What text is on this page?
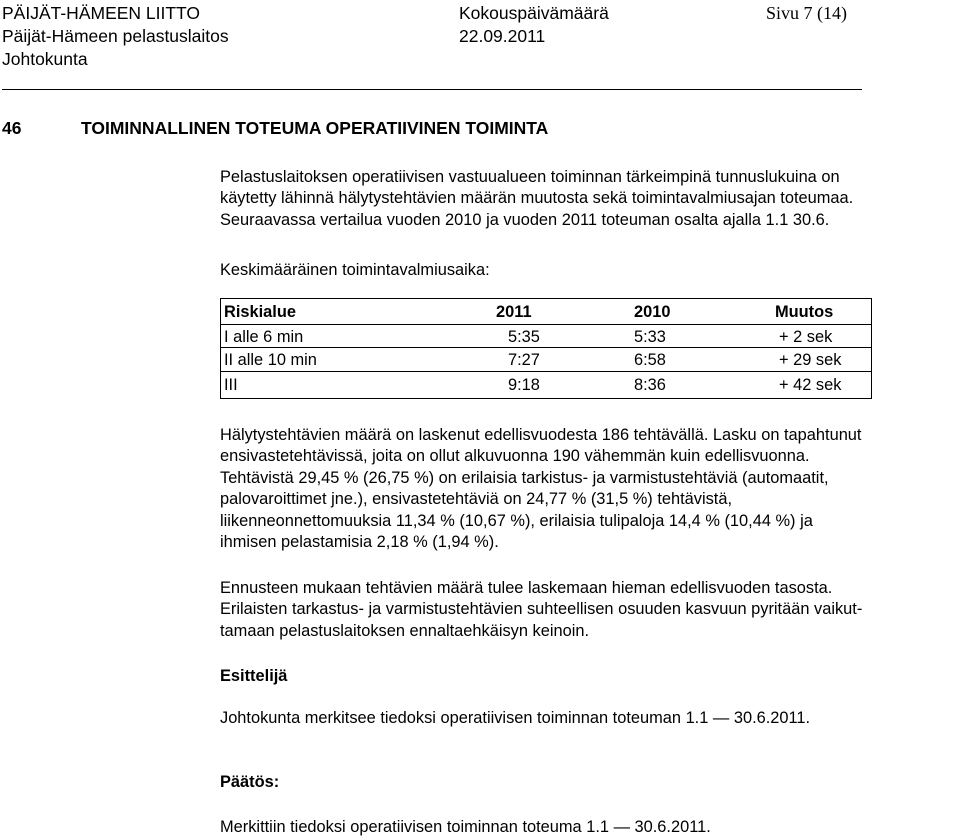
PÄIJÄT-HÄMEEN LIITTO
Päijät-Hämeen pelastuslaitos
Johtokunta
Kokouspäivämäärä
22.09.2011
Sivu 7 (14)
46	TOIMINNALLINEN TOTEUMA OPERATIIVINEN TOIMINTA
Pelastuslaitoksen operatiivisen vastuualueen toiminnan tärkeimpinä tunnuslukuina on
käytetty lähinnä hälytystehtävien määrän muutosta sekä toimintavalmiusajan toteumaa.
Seuraavassa vertailua vuoden 2010 ja vuoden 2011 toteuman osalta ajalla 1.1 30.6.
Keskimääräinen toimintavalmiusaika:
Riskialue	2011	2010	Muutos
I alle 6 min	5:35	5:33	+ 2 sek
II alle 10 min	7:27	6:58	+ 29 sek
III	9:18	8:36	+ 42 sek
Hälytystehtävien määrä on laskenut edellisvuodesta 186 tehtävällä. Lasku on tapahtunut
ensivastetehtävissä, joita on ollut alkuvuonna 190 vähemmän kuin edellisvuonna.
Tehtävistä 29,45 % (26,75 %) on erilaisia tarkistus- ja varmistustehtäviä (automaatit,
palovaroittimet jne.), ensivastetehtäviä on 24,77 % (31,5 %) tehtävistä,
liikenneonnettomuuksia 11,34 % (10,67 %), erilaisia tulipaloja 14,4 % (10,44 %) ja
ihmisen pelastamisia 2,18 % (1,94 %).
Ennusteen mukaan tehtävien määrä tulee laskemaan hieman edellisvuoden tasosta.
Erilaisten tarkastus- ja varmistustehtävien suhteellisen osuuden kasvuun pyritään vaikut-
tamaan pelastuslaitoksen ennaltaehkäisyn keinoin.
Esittelijä
Johtokunta merkitsee tiedoksi operatiivisen toiminnan toteuman 1.1 — 30.6.2011.
Päätös:
Merkittiin tiedoksi operatiivisen toiminnan toteuma 1.1 — 30.6.2011.
